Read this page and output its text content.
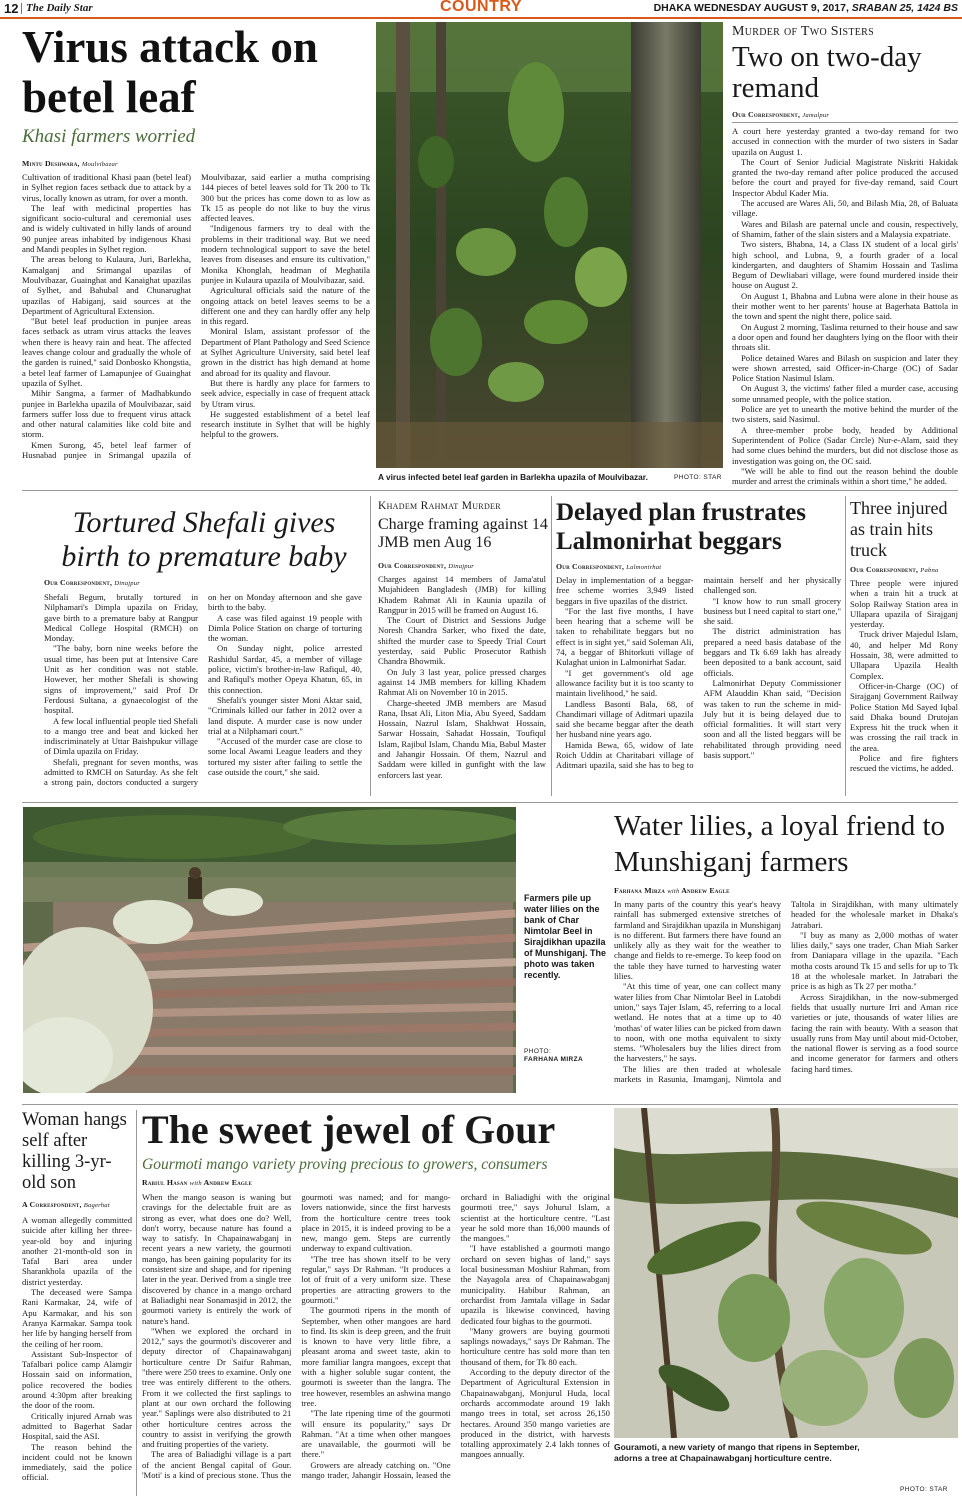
12 The Daily Star	COUNTRY	DHAKA WEDNESDAY AUGUST 9, 2017, SRABAN 25, 1424 BS
Virus attack on betel leaf
Khasi farmers worried
Mintu Deshwara, Moulvibazar

Cultivation of traditional Khasi paan (betel leaf) in Sylhet region faces setback due to attack by a virus, locally known as utram, for over a month.

The leaf with medicinal properties has significant socio-cultural and ceremonial uses and is widely cultivated in hilly lands of around 90 punjee areas inhabited by indigenous Khasi and Mandi peoples in Sylhet region.

The areas belong to Kulaura, Juri, Barlekha, Kamalganj and Srimangal upazilas of Moulvibazar, Guainghat and Kanaighat upazilas of Sylhet, and Bahubal and Chunarughat upazilas of Habiganj, said sources at the Department of Agricultural Extension.

"But betel leaf production in punjee areas faces setback as utram virus attacks the leaves when there is heavy rain and heat. The affected leaves change colour and gradually the whole of the garden is ruined," said Donbosko Khongstia, a betel leaf farmer of Lamapunjee of Guainghat upazila of Sylhet.

Mihir Sangma, a farmer of Madhabkundo punjee in Barlekha upazila of Moulvibazar, said farmers suffer loss due to frequent virus attack and other natural calamities like cold bite and storm.

Kmen Surong, 45, betel leaf farmer of Husnabad punjee in Srimangal upazila of Moulvibazar, said earlier a mutha comprising 144 pieces of betel leaves sold for Tk 200 to Tk 300 but the prices has come down to as low as Tk 15 as people do not like to buy the virus affected leaves.

"Indigenous farmers try to deal with the problems in their traditional way. But we need modern technological support to save the betel leaves from diseases and ensure its cultivation," Monika Khonglah, headman of Meghatila punjee in Kulaura upazila of Moulvibazar, said.

Agricultural officials said the nature of the ongoing attack on betel leaves seems to be a different one and they can hardly offer any help in this regard.

Moniral Islam, assistant professor of the Department of Plant Pathology and Seed Science at Sylhet Agriculture University, said betel leaf grown in the district has high demand at home and abroad for its quality and flavour.

But there is hardly any place for farmers to seek advice, especially in case of frequent attack by Utram virus.

He suggested establishment of a betel leaf research institute in Sylhet that will be highly helpful to the growers.

A virus infected betel leaf garden in Barlekha upazila of Moulvibazar.	PHOTO: STAR
Murder of Two Sisters
Two on two-day remand
Our Correspondent, Jamalpur

A court here yesterday granted a two-day remand for two accused in connection with the murder of two sisters in Sadar upazila on August 1.

The Court of Senior Judicial Magistrate Niskriti Hakidak granted the two-day remand after police produced the accused before the court and prayed for five-day remand, said Court Inspector Abdul Kader Mia.

The accused are Wares Ali, 50, and Bilash Mia, 28, of Baluata village.

Wares and Bilash are paternal uncle and cousin, respectively, of Shamim, father of the slain sisters and a Malaysia expatriate.

Two sisters, Bhabna, 14, a Class IX student of a local girls' high school, and Lubna, 9, a fourth grader of a local kindergarten, and daughters of Shamim Hossain and Taslima Begum of Dewliabari village, were found murdered inside their house on August 2.

On August 1, Bhabna and Lubna were alone in their house as their mother went to her parents' house at Bagerhata Battola in the town and spent the night there, police said.

On August 2 morning, Taslima returned to their house and saw a door open and found her daughters lying on the floor with their throats slit.

Police detained Wares and Bilash on suspicion and later they were shown arrested, said Officer-in-Charge (OC) of Sadar Police Station Nasimul Islam.

On August 3, the victims' father filed a murder case, accusing some unnamed people, with the police station.

Police are yet to unearth the motive behind the murder of the two sisters, said Nasimul.

A three-member probe body, headed by Additional Superintendent of Police (Sadar Circle) Nur-e-Alam, said they had some clues behind the murders, but did not disclose those as investigation was going on, the OC said.

"We will be able to find out the reason behind the double murder and arrest the criminals within a short time," he added.

Tortured Shefali gives birth to premature baby
Our Correspondent, Dinajpur

Shefali Begum, brutally tortured in Nilphamari's Dimpla upazila on Friday, gave birth to a premature baby at Rangpur Medical College Hospital (RMCH) on Monday.

"The baby, born nine weeks before the usual time, has been put at Intensive Care Unit as her condition was not stable. However, her mother Shefali is showing signs of improvement," said Prof Dr Ferdousi Sultana, a gynaecologist of the hospital.

A few local influential people tied Shefali to a mango tree and beat and kicked her indiscriminately at Uttar Baishpukur village of Dimla upazila on Friday.

Shefali, pregnant for seven months, was admitted to RMCH on Saturday. As she felt a strong pain, doctors conducted a surgery on her on Monday afternoon and she gave birth to the baby.

A case was filed against 19 people with Dimla Police Station on charge of torturing the woman.

On Sunday night, police arrested Rashidul Sardar, 45, a member of village police, victim's brother-in-law Rafiqul, 40, and Rafiqul's mother Opeya Khatun, 65, in this connection.

Shefali's younger sister Moni Aktar said, "Criminals killed our father in 2012 over a land dispute. A murder case is now under trial at a Nilphamari court."

"Accused of the murder case are close to some local Awami League leaders and they tortured my sister after failing to settle the case outside the court," she said.

Khadem Rahmat Murder
Charge framing against 14 JMB men Aug 16
Our Correspondent, Dinajpur

Charges against 14 members of Jama'atul Mujahideen Bangladesh (JMB) for killing Khadem Rahmat Ali in Kaunia upazila of Rangpur in 2015 will be framed on August 16.

The Court of District and Sessions Judge Noresh Chandra Sarker, who fixed the date, shifted the murder case to Speedy Trial Court yesterday, said Public Prosecutor Rathish Chandra Bhowmik.

On July 3 last year, police pressed charges against 14 JMB members for killing Khadem Rahmat Ali on November 10 in 2015.

Charge-sheeted JMB members are Masud Rana, Ihsat Ali, Liton Mia, Abu Syeed, Saddam Hossain, Nazrul Islam, Shakhwat Hossain, Sarwar Hossain, Sahadat Hossain, Toufiqul Islam, Rajibul Islam, Chandu Mia, Babul Master and Jahangir Hossain. Of them, Nazrul and Saddam were killed in gunfight with the law enforcers last year.

Delayed plan frustrates Lalmonirhat beggars
Our Correspondent, Lalmonirhat

Delay in implementation of a beggar-free scheme worries 3,949 listed beggars in five upazilas of the district.

"For the last five months, I have been hearing that a scheme will be taken to rehabilitate beggars but no effect is in sight yet," said Soleman Ali, 74, a beggar of Bhitorkuti village of Kulaghat union in Lalmonirhat Sadar.

"I get government's old age allowance facility but it is too scanty to maintain livelihood," he said.

Landless Basonti Bala, 68, of Chandimari village of Aditmari upazila said she became beggar after the death her husband nine years ago.

Hamida Bewa, 65, widow of late Roich Uddin at Charitabari village of Aditmari upazila, said she has to beg to maintain herself and her physically challenged son.

"I know how to run small grocery business but I need capital to start one," she said.

The district administration has prepared a need basis database of the beggars and Tk 6.69 lakh has already been deposited to a bank account, said officials.

Lalmonirhat Deputy Commissioner AFM Alauddin Khan said, "Decision was taken to run the scheme in mid-July but it is being delayed due to official formalities. It will start very soon and all the listed beggars will be rehabilitated through providing need basis support."

Three injured as train hits truck
Our Correspondent, Pabna

Three people were injured when a train hit a truck at Solop Railway Station area in Ullapara upazila of Sirajganj yesterday.

Truck driver Majedul Islam, 40, and helper Md Rony Hossain, 38, were admitted to Ullapara Upazila Health Complex.

Officer-in-Charge (OC) of Sirajganj Government Railway Police Station Md Sayed Iqbal said Dhaka bound Drutojan Express hit the truck when it was crossing the rail track in the area.

Police and fire fighters rescued the victims, he added.

Farmers pile up water lilies on the bank of Char Nimtolar Beel in Sirajdikhan upazila of Munshiganj. The photo was taken recently.
PHOTO:
FARHANA MIRZA
Water lilies, a loyal friend to Munshiganj farmers
Farhana Mirza with Andrew Eagle

In many parts of the country this year's heavy rainfall has submerged extensive stretches of farmland and Sirajdikhan upazila in Munshiganj is no different. But farmers there have found an unlikely ally as they wait for the weather to change and fields to re-emerge. To keep food on the table they have turned to harvesting water lilies.

"At this time of year, one can collect many water lilies from Char Nimtolar Beel in Latobdi union," says Tajer Islam, 45, referring to a local wetland. He notes that at a time up to 40 'mothas' of water lilies can be picked from dawn to noon, with one motha equivalent to sixty stems. "Wholesalers buy the lilies direct from the harvesters," he says.

The lilies are then traded at wholesale markets in Rasunia, Imamganj, Nimtola and Taltola in Sirajdikhan, with many ultimately headed for the wholesale market in Dhaka's Jatrabari.

"I buy as many as 2,000 mothas of water lilies daily," says one trader, Chan Miah Sarker from Daniapara village in the upazila. "Each motha costs around Tk 15 and sells for up to Tk 18 at the wholesale market. In Jatrabari the price is as high as Tk 27 per motha."

Across Sirajdikhan, in the now-submerged fields that usually nurture Irri and Aman rice varieties or jute, thousands of water lilies are facing the rain with beauty. With a season that usually runs from May until about mid-October, the national flower is serving as a food source and income generator for farmers and others facing hard times.

Woman hangs self after killing 3-yr-old son
A Correspondent, Bagerhat

A woman allegedly committed suicide after killing her three-year-old boy and injuring another 21-month-old son in Tafal Bari area under Sharankhola upazila of the district yesterday.

The deceased were Sampa Rani Karmakar, 24, wife of Apu Karmakar, and his son Aranya Karmakar. Sampa took her life by hanging herself from the ceiling of her room.

Assistant Sub-Inspector of Tafalbari police camp Alamgir Hossain said on information, police recovered the bodies around 4:30pm after breaking the door of the room.

Critically injured Arnab was admitted to Bagerhat Sadar Hospital, said the ASI.

The reason behind the incident could not be known immediately, said the police official.

The sweet jewel of Gour
Gourmoti mango variety proving precious to growers, consumers
Rabiul Hasan with Andrew Eagle

When the mango season is waning but cravings for the delectable fruit are as strong as ever, what does one do? Well, don't worry, because nature has found a way to satisfy. In Chapainawabganj in recent years a new variety, the gourmoti mango, has been gaining popularity for its consistent size and shape, and for ripening later in the year. Derived from a single tree discovered by chance in a mango orchard at Baliadighi near Sonamasjid in 2012, the gourmoti variety is entirely the work of nature's hand.

"When we explored the orchard in 2012," says the gourmoti's discoverer and deputy director of Chapainawabganj horticulture centre Dr Saifur Rahman, "there were 250 trees to examine. Only one tree was entirely different to the others. From it we collected the first saplings to plant at our own orchard the following year." Saplings were also distributed to 21 other horticulture centres across the country to assist in verifying the growth and fruiting properties of the variety.

The area of Baliadighi village is a part of the ancient Bengal capital of Gour. 'Moti' is a kind of precious stone. Thus the gourmoti was named; and for mango-lovers nationwide, since the first harvests from the horticulture centre trees took place in 2015, it is indeed proving to be a new, mango gem. Steps are currently underway to expand cultivation.

"The tree has shown itself to be very regular," says Dr Rahman. "It produces a lot of fruit of a very uniform size. These properties are attracting growers to the gourmoti."

The gourmoti ripens in the month of September, when other mangoes are hard to find. Its skin is deep green, and the fruit is known to have very little fibre, a pleasant aroma and sweet taste, akin to more familiar langra mangoes, except that with a higher soluble sugar content, the gourmoti is sweeter than the langra. The tree however, resembles an ashwina mango tree.

"The late ripening time of the gourmoti will ensure its popularity," says Dr Rahman. "At a time when other mangoes are unavailable, the gourmoti will be there."

Growers are already catching on. "One mango trader, Jahangir Hossain, leased the orchard in Baliadighi with the original gourmoti tree," says Johurul Islam, a scientist at the horticulture centre. "Last year he sold more than 16,000 maunds of the mangoes."

"I have established a gourmoti mango orchard on seven bighas of land," says local businessman Moshiur Rahman, from the Nayagola area of Chapainawabganj municipality. Habibur Rahman, an orchardist from Jamtala village in Sadar upazila is likewise convinced, having dedicated four bighas to the gourmoti.

"Many growers are buying gourmoti saplings nowadays," says Dr Rahman. The horticulture centre has sold more than ten thousand of them, for Tk 80 each.

According to the deputy director of the Department of Agricultural Extension in Chapainawabganj, Monjurul Huda, local orchards accommodate around 19 lakh mango trees in total, set across 26,150 hectares. Around 350 mango varieties are produced in the district, with harvests totalling approximately 2.4 lakh tonnes of mangoes annually.

Gouramoti, a new variety of mango that ripens in September, adorns a tree at Chapainawabganj horticulture centre.
PHOTO: STAR
